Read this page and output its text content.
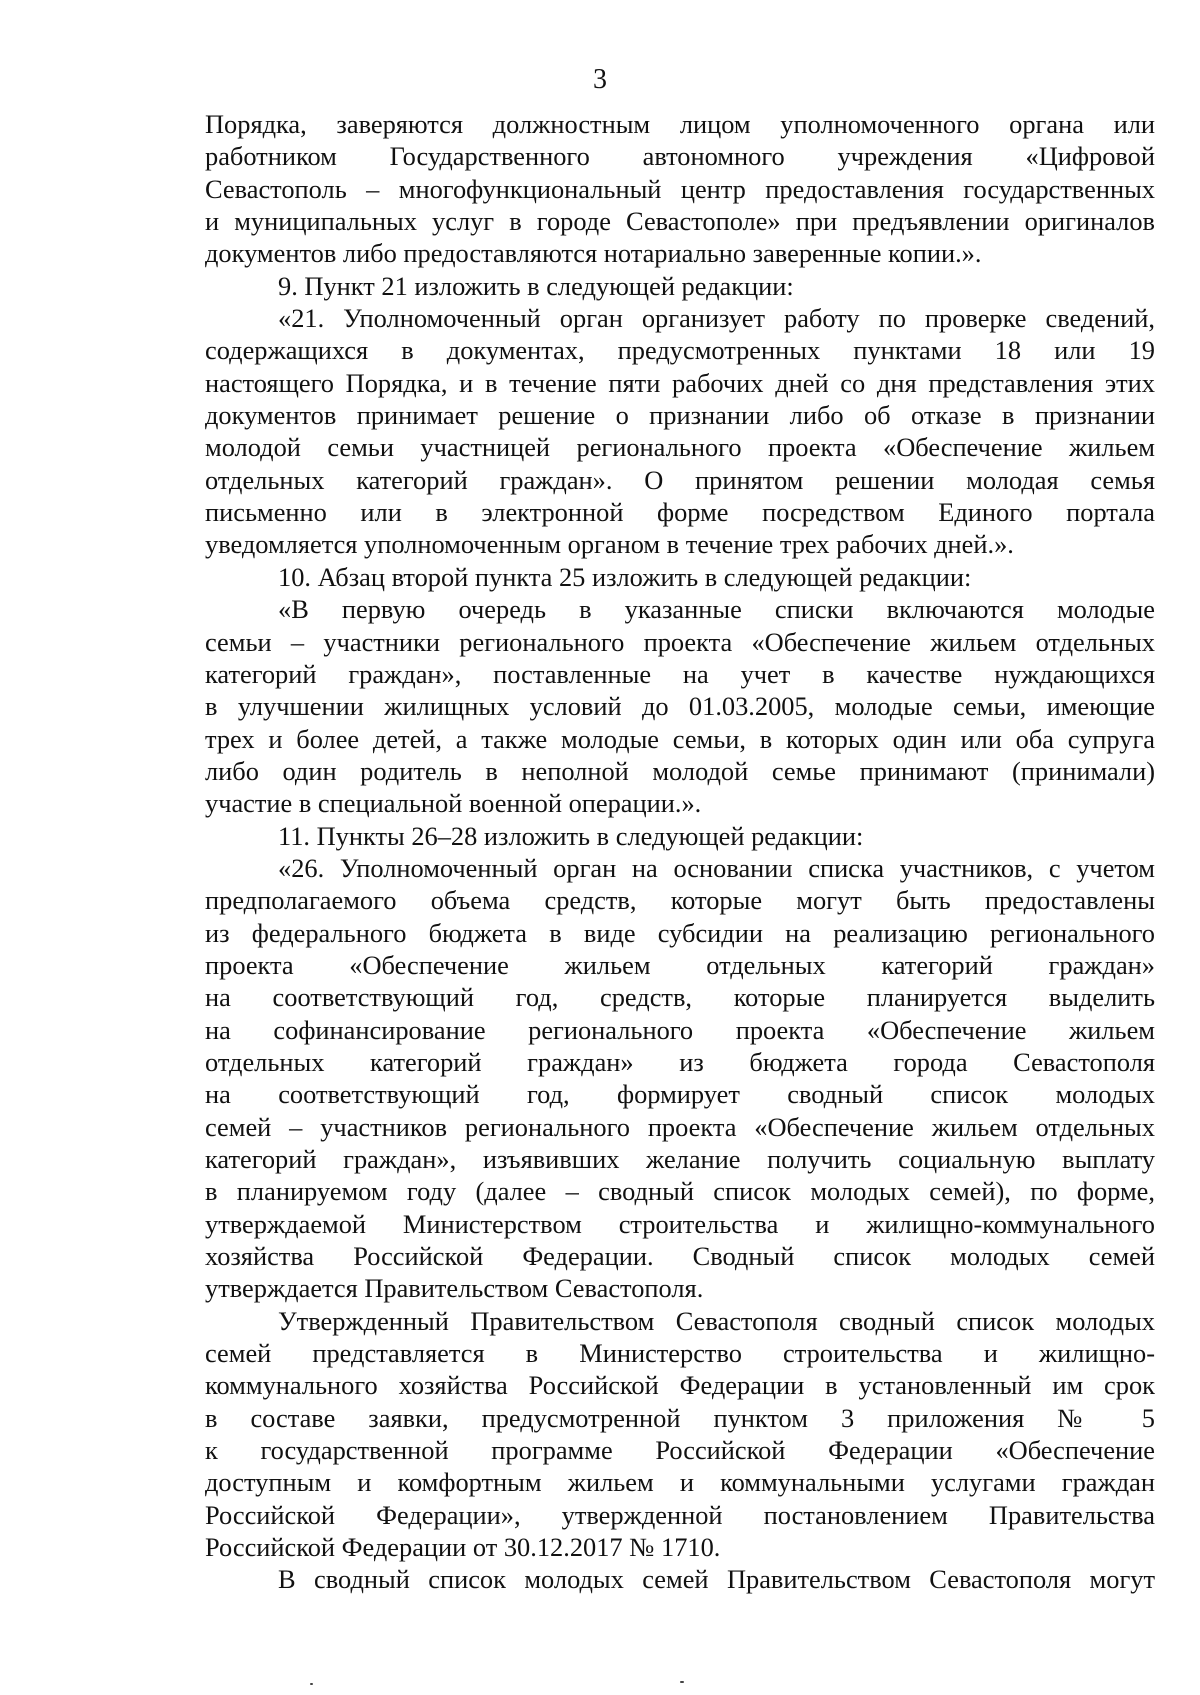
3
Порядка, заверяются должностным лицом уполномоченного органа или
работником Государственного автономного учреждения «Цифровой
Севастополь – многофункциональный центр предоставления государственных
и муниципальных услуг в городе Севастополе» при предъявлении оригиналов
документов либо предоставляются нотариально заверенные копии.».
9. Пункт 21 изложить в следующей редакции:
«21. Уполномоченный орган организует работу по проверке сведений,
содержащихся в документах, предусмотренных пунктами 18 или 19
настоящего Порядка, и в течение пяти рабочих дней со дня представления этих
документов принимает решение о признании либо об отказе в признании
молодой семьи участницей регионального проекта «Обеспечение жильем
отдельных категорий граждан». О принятом решении молодая семья
письменно или в электронной форме посредством Единого портала
уведомляется уполномоченным органом в течение трех рабочих дней.».
10. Абзац второй пункта 25 изложить в следующей редакции:
«В первую очередь в указанные списки включаются молодые
семьи – участники регионального проекта «Обеспечение жильем отдельных
категорий граждан», поставленные на учет в качестве нуждающихся
в улучшении жилищных условий до 01.03.2005, молодые семьи, имеющие
трех и более детей, а также молодые семьи, в которых один или оба супруга
либо один родитель в неполной молодой семье принимают (принимали)
участие в специальной военной операции.».
11. Пункты 26–28 изложить в следующей редакции:
«26. Уполномоченный орган на основании списка участников, с учетом
предполагаемого объема средств, которые могут быть предоставлены
из федерального бюджета в виде субсидии на реализацию регионального
проекта «Обеспечение жильем отдельных категорий граждан»
на соответствующий год, средств, которые планируется выделить
на софинансирование регионального проекта «Обеспечение жильем
отдельных категорий граждан» из бюджета города Севастополя
на соответствующий год, формирует сводный список молодых
семей – участников регионального проекта «Обеспечение жильем отдельных
категорий граждан», изъявивших желание получить социальную выплату
в планируемом году (далее – сводный список молодых семей), по форме,
утверждаемой Министерством строительства и жилищно-коммунального
хозяйства Российской Федерации. Сводный список молодых семей
утверждается Правительством Севастополя.
Утвержденный Правительством Севастополя сводный список молодых
семей представляется в Министерство строительства и жилищно-
коммунального хозяйства Российской Федерации в установленный им срок
в составе заявки, предусмотренной пунктом 3 приложения № 5
к государственной программе Российской Федерации «Обеспечение
доступным и комфортным жильем и коммунальными услугами граждан
Российской Федерации», утвержденной постановлением Правительства
Российской Федерации от 30.12.2017 № 1710.
В сводный список молодых семей Правительством Севастополя могут
